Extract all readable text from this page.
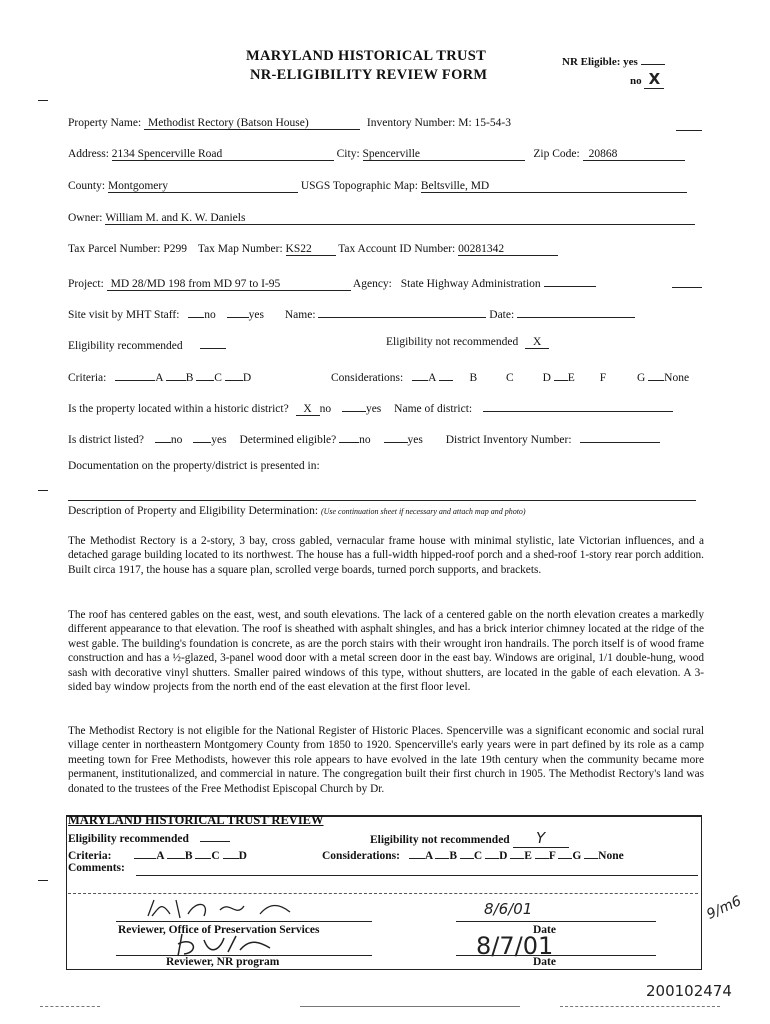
MARYLAND HISTORICAL TRUST
NR-ELIGIBILITY REVIEW FORM
NR Eligible: yes
no X
Property Name: Methodist Rectory (Batson House)	Inventory Number: M: 15-54-3
Address: 2134 Spencerville Road	City: Spencerville	Zip Code: 20868
County: Montgomery	USGS Topographic Map: Beltsville, MD
Owner: William M. and K. W. Daniels
Tax Parcel Number: P299 Tax Map Number: KS22 Tax Account ID Number: 00281342
Project: MD 28/MD 198 from MD 97 to I-95	Agency: State Highway Administration
Site visit by MHT Staff: no	yes Name:	Date:
Eligibility recommended	Eligibility not recommended X
Criteria:	A B C D	Considerations: A	B	C	D E F	G None
Is the property located within a historic district? X no	yes Name of district:
Is district listed? no	yes Determined eligible? no	yes District Inventory Number:
Documentation on the property/district is presented in:
Description of Property and Eligibility Determination: (Use continuation sheet if necessary and attach map and photo)
The Methodist Rectory is a 2-story, 3 bay, cross gabled, vernacular frame house with minimal stylistic, late Victorian influences, and a detached garage building located to its northwest. The house has a full-width hipped-roof porch and a shed-roof 1-story rear porch addition. Built circa 1917, the house has a square plan, scrolled verge boards, turned porch supports, and brackets.
The roof has centered gables on the east, west, and south elevations. The lack of a centered gable on the north elevation creates a markedly different appearance to that elevation. The roof is sheathed with asphalt shingles, and has a brick interior chimney located at the ridge of the west gable. The building's foundation is concrete, as are the porch stairs with their wrought iron handrails. The porch itself is of wood frame construction and has a ½-glazed, 3-panel wood door with a metal screen door in the east bay. Windows are original, 1/1 double-hung, wood sash with decorative vinyl shutters. Smaller paired windows of this type, without shutters, are located in the gable of each elevation. A 3-sided bay window projects from the north end of the east elevation at the first floor level.
The Methodist Rectory is not eligible for the National Register of Historic Places. Spencerville was a significant economic and social rural village center in northeastern Montgomery County from 1850 to 1920. Spencerville's early years were in part defined by its role as a camp meeting town for Free Methodists, however this role appears to have evolved in the late 19th century when the community became more permanent, institutionalized, and commercial in nature. The congregation built their first church in 1905. The Methodist Rectory's land was donated to the trustees of the Free Methodist Episcopal Church by Dr.
MARYLAND HISTORICAL TRUST REVIEW
Eligibility recommended	Eligibility not recommended Y
Criteria:	A B C D	Considerations: A B C D E F G None
Comments:
8/6/01
Reviewer, Office of Preservation Services	Date
8/7/01
Reviewer, NR program	Date
9/m6
200102474
